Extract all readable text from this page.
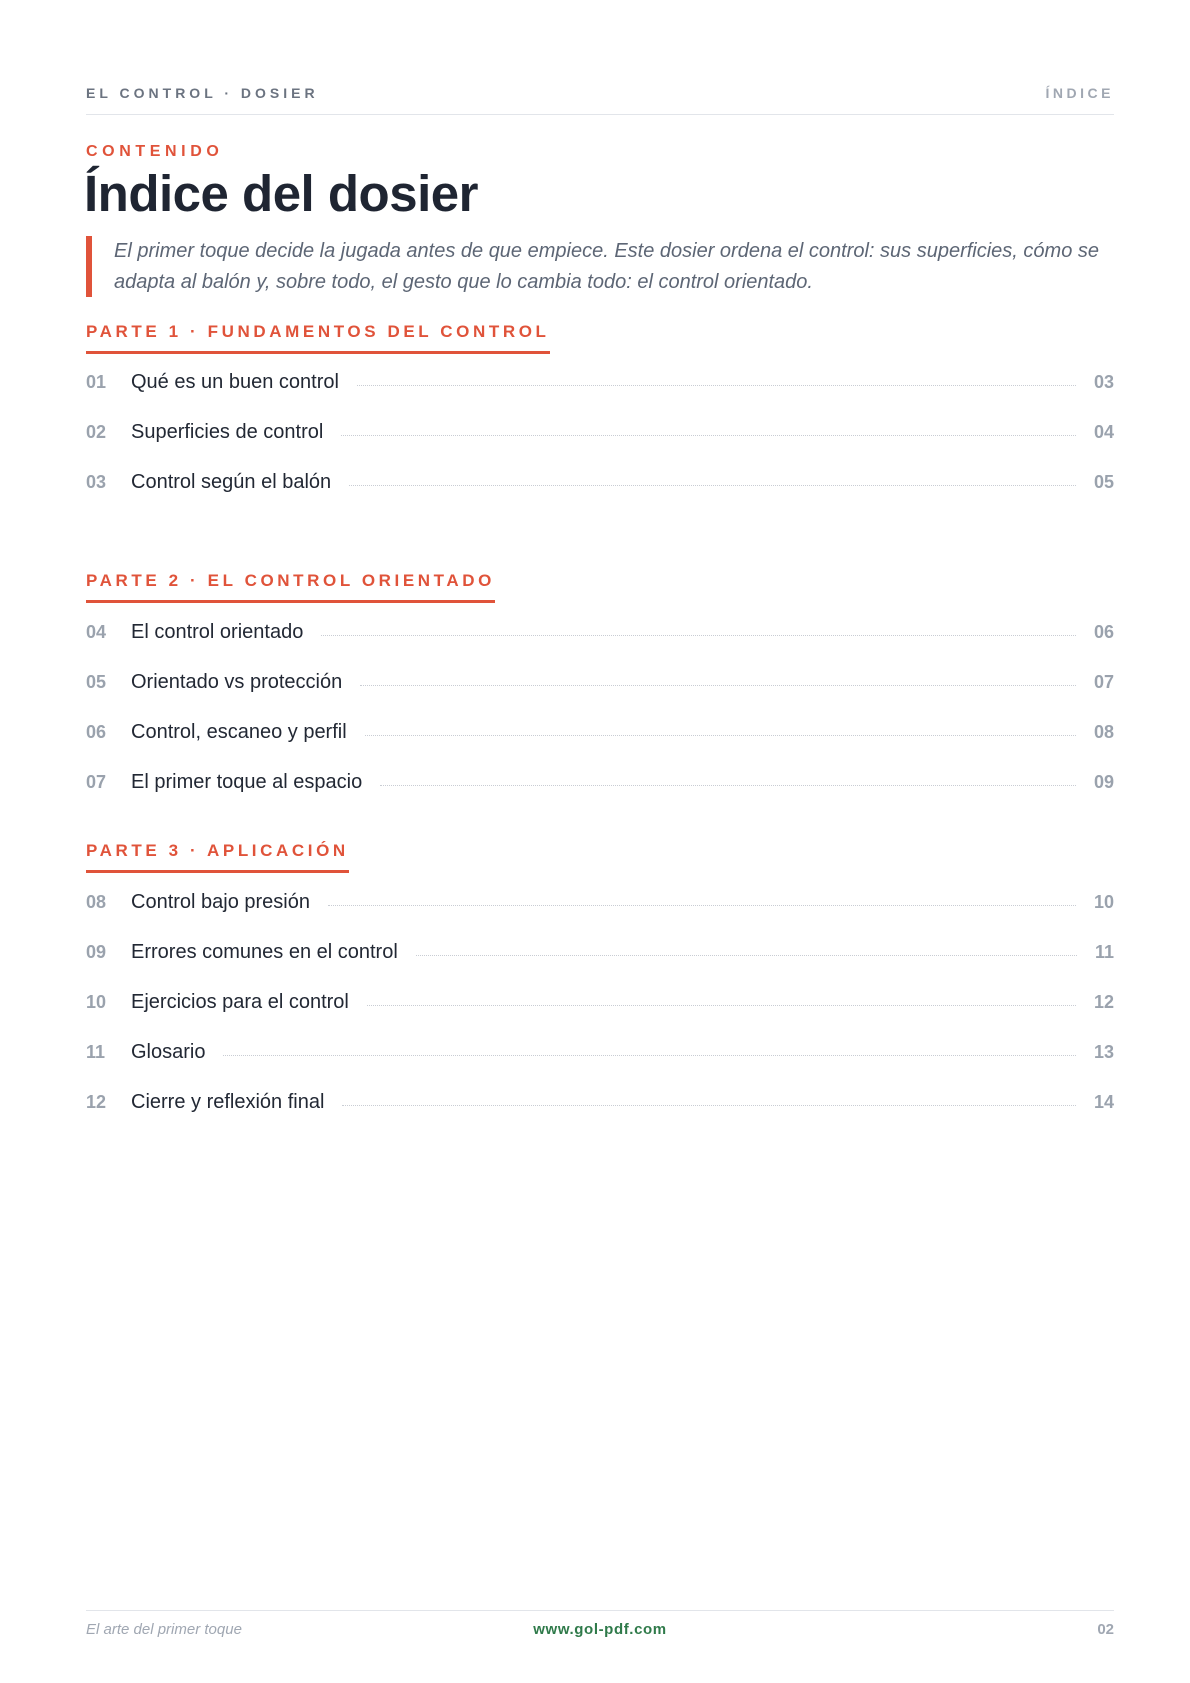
EL CONTROL · DOSIER	ÍNDICE
CONTENIDO
Índice del dosier

El primer toque decide la jugada antes de que empiece. Este dosier ordena el control: sus superficies, cómo se adapta al balón y, sobre todo, el gesto que lo cambia todo: el control orientado.

PARTE 1 · FUNDAMENTOS DEL CONTROL
01	Qué es un buen control	03
02	Superficies de control	04
03	Control según el balón	05
PARTE 2 · EL CONTROL ORIENTADO
04	El control orientado	06
05	Orientado vs protección	07
06	Control, escaneo y perfil	08
07	El primer toque al espacio	09
PARTE 3 · APLICACIÓN
08	Control bajo presión	10
09	Errores comunes en el control	11
10	Ejercicios para el control	12
11	Glosario	13
12	Cierre y reflexión final	14
El arte del primer toque	www.gol-pdf.com	02
